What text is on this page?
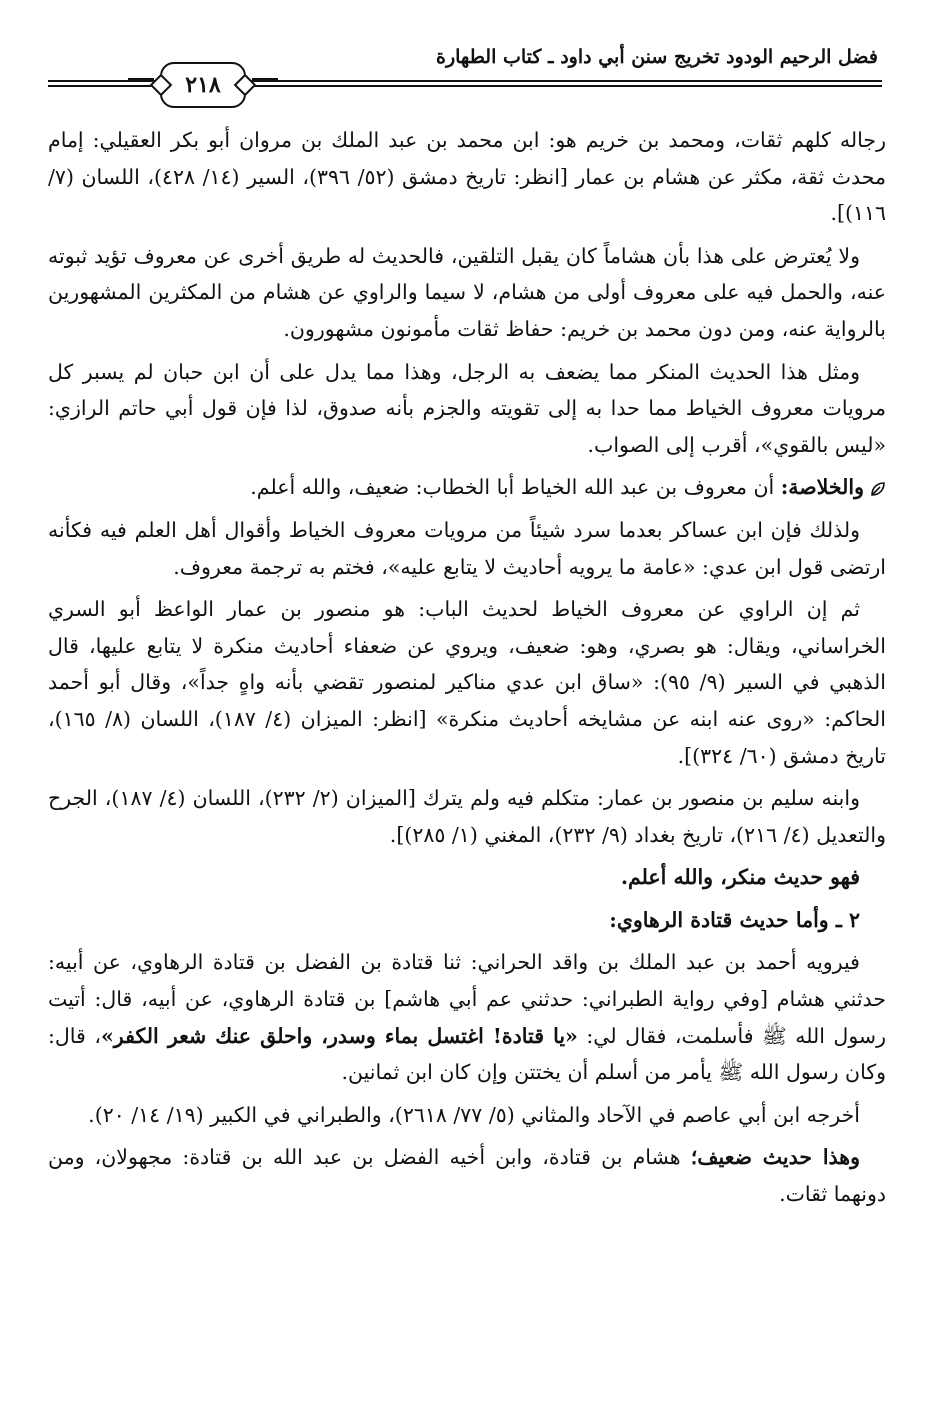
فضل الرحيم الودود تخريج سنن أبي داود ـ كتاب الطهارة
٢١٨

رجاله كلهم ثقات، ومحمد بن خريم هو: ابن محمد بن عبد الملك بن مروان أبو بكر العقيلي: إمام محدث ثقة، مكثر عن هشام بن عمار [انظر: تاريخ دمشق (٥٢/ ٣٩٦)، السير (١٤/ ٤٢٨)، اللسان (٧/ ١١٦)].

ولا يُعترض على هذا بأن هشاماً كان يقبل التلقين، فالحديث له طريق أخرى عن معروف تؤيد ثبوته عنه، والحمل فيه على معروف أولى من هشام، لا سيما والراوي عن هشام من المكثرين المشهورين بالرواية عنه، ومن دون محمد بن خريم: حفاظ ثقات مأمونون مشهورون.

ومثل هذا الحديث المنكر مما يضعف به الرجل، وهذا مما يدل على أن ابن حبان لم يسبر كل مرويات معروف الخياط مما حدا به إلى تقويته والجزم بأنه صدوق، لذا فإن قول أبي حاتم الرازي: «ليس بالقوي»، أقرب إلى الصواب.

والخلاصة: أن معروف بن عبد الله الخياط أبا الخطاب: ضعيف، والله أعلم.

ولذلك فإن ابن عساكر بعدما سرد شيئاً من مرويات معروف الخياط وأقوال أهل العلم فيه فكأنه ارتضى قول ابن عدي: «عامة ما يرويه أحاديث لا يتابع عليه»، فختم به ترجمة معروف.

ثم إن الراوي عن معروف الخياط لحديث الباب: هو منصور بن عمار الواعظ أبو السري الخراساني، ويقال: هو بصري، وهو: ضعيف، ويروي عن ضعفاء أحاديث منكرة لا يتابع عليها، قال الذهبي في السير (٩/ ٩٥): «ساق ابن عدي مناكير لمنصور تقضي بأنه واهٍ جداً»، وقال أبو أحمد الحاكم: «روى عنه ابنه عن مشايخه أحاديث منكرة» [انظر: الميزان (٤/ ١٨٧)، اللسان (٨/ ١٦٥)، تاريخ دمشق (٦٠/ ٣٢٤)].

وابنه سليم بن منصور بن عمار: متكلم فيه ولم يترك [الميزان (٢/ ٢٣٢)، اللسان (٤/ ١٨٧)، الجرح والتعديل (٤/ ٢١٦)، تاريخ بغداد (٩/ ٢٣٢)، المغني (١/ ٢٨٥)].

فهو حديث منكر، والله أعلم.

٢ ـ وأما حديث قتادة الرهاوي:

فيرويه أحمد بن عبد الملك بن واقد الحراني: ثنا قتادة بن الفضل بن قتادة الرهاوي، عن أبيه: حدثني هشام [وفي رواية الطبراني: حدثني عم أبي هاشم] بن قتادة الرهاوي، عن أبيه، قال: أتيت رسول الله ﷺ فأسلمت، فقال لي: «يا قتادة! اغتسل بماء وسدر، واحلق عنك شعر الكفر»، قال: وكان رسول الله ﷺ يأمر من أسلم أن يختتن وإن كان ابن ثمانين.

أخرجه ابن أبي عاصم في الآحاد والمثاني (٥/ ٧٧/ ٢٦١٨)، والطبراني في الكبير (١٩/ ١٤/ ٢٠).

وهذا حديث ضعيف؛ هشام بن قتادة، وابن أخيه الفضل بن عبد الله بن قتادة: مجهولان، ومن دونهما ثقات.
